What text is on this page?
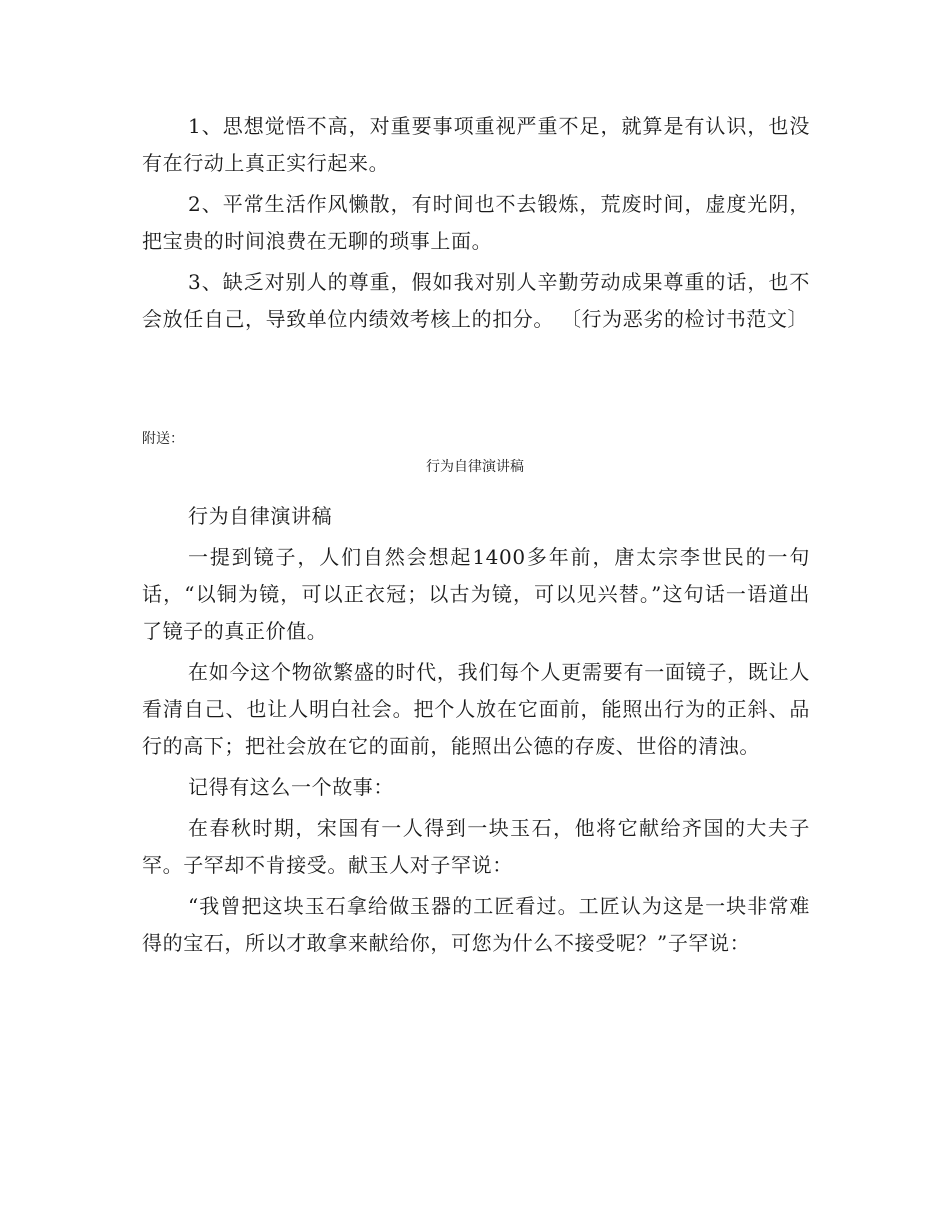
1、思想觉悟不高，对重要事项重视严重不足，就算是有认识，也没有在行动上真正实行起来。

2、平常生活作风懒散，有时间也不去锻炼，荒废时间，虚度光阴，把宝贵的时间浪费在无聊的琐事上面。

3、缺乏对别人的尊重，假如我对别人辛勤劳动成果尊重的话，也不会放任自己，导致单位内绩效考核上的扣分。 〔行为恶劣的检讨书范文〕

附送：
行为自律演讲稿

行为自律演讲稿

一提到镜子，人们自然会想起1400多年前，唐太宗李世民的一句话，“以铜为镜，可以正衣冠；以古为镜，可以见兴替。”这句话一语道出了镜子的真正价值。

在如今这个物欲繁盛的时代，我们每个人更需要有一面镜子，既让人看清自己、也让人明白社会。把个人放在它面前，能照出行为的正斜、品行的高下；把社会放在它的面前，能照出公德的存废、世俗的清浊。

记得有这么一个故事：

在春秋时期，宋国有一人得到一块玉石，他将它献给齐国的大夫子罕。子罕却不肯接受。献玉人对子罕说：

“我曾把这块玉石拿给做玉器的工匠看过。工匠认为这是一块非常难得的宝石，所以才敢拿来献给你，可您为什么不接受呢？”子罕说：
